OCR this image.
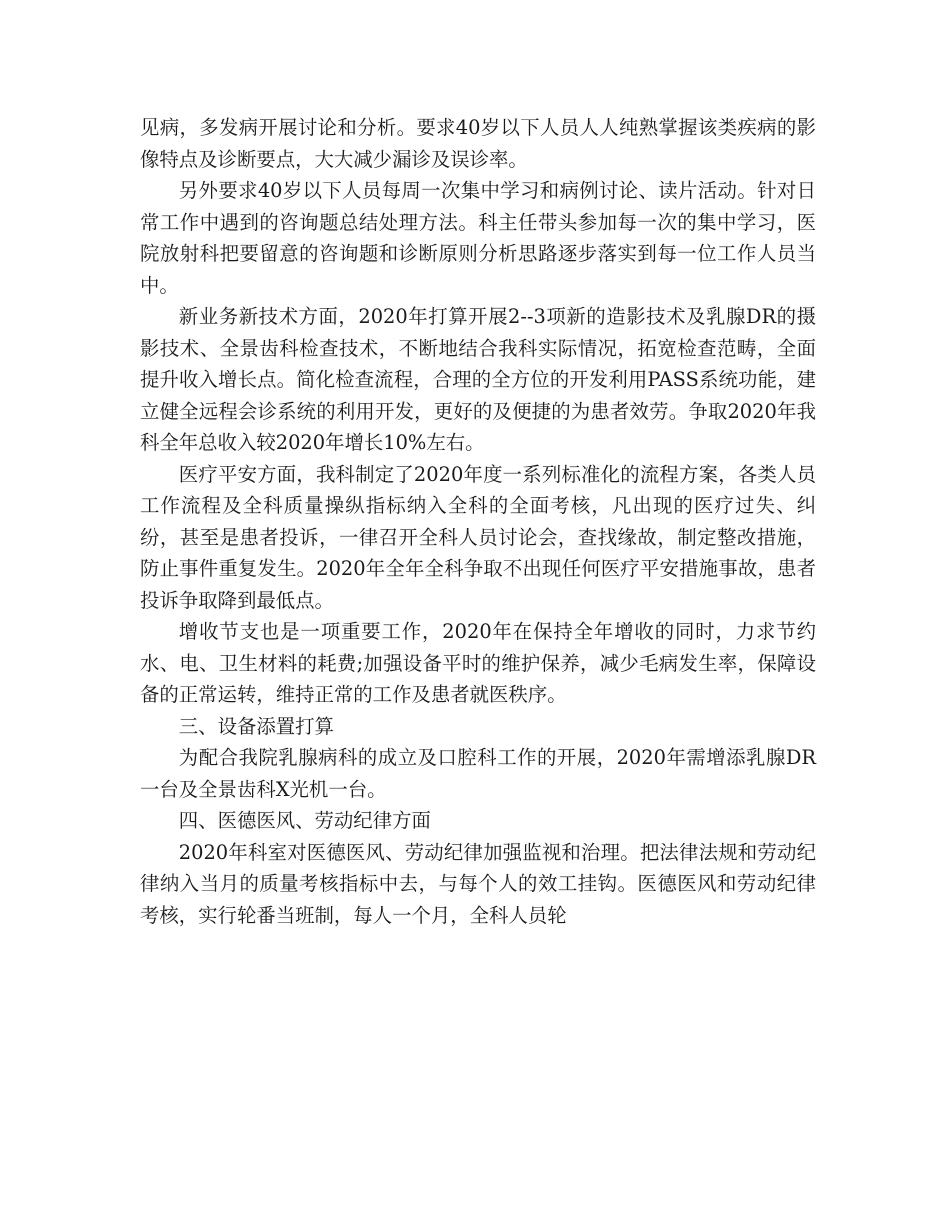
见病，多发病开展讨论和分析。要求40岁以下人员人人纯熟掌握该类疾病的影像特点及诊断要点，大大减少漏诊及误诊率。

另外要求40岁以下人员每周一次集中学习和病例讨论、读片活动。针对日常工作中遇到的咨询题总结处理方法。科主任带头参加每一次的集中学习，医院放射科把要留意的咨询题和诊断原则分析思路逐步落实到每一位工作人员当中。

新业务新技术方面，2020年打算开展2--3项新的造影技术及乳腺DR的摄影技术、全景齿科检查技术，不断地结合我科实际情况，拓宽检查范畴，全面提升收入增长点。简化检查流程，合理的全方位的开发利用PASS系统功能，建立健全远程会诊系统的利用开发，更好的及便捷的为患者效劳。争取2020年我科全年总收入较2020年增长10%左右。

医疗平安方面，我科制定了2020年度一系列标准化的流程方案，各类人员工作流程及全科质量操纵指标纳入全科的全面考核，凡出现的医疗过失、纠纷，甚至是患者投诉，一律召开全科人员讨论会，查找缘故，制定整改措施，防止事件重复发生。2020年全年全科争取不出现任何医疗平安措施事故，患者投诉争取降到最低点。

增收节支也是一项重要工作，2020年在保持全年增收的同时，力求节约水、电、卫生材料的耗费;加强设备平时的维护保养，减少毛病发生率，保障设备的正常运转，维持正常的工作及患者就医秩序。

三、设备添置打算

为配合我院乳腺病科的成立及口腔科工作的开展，2020年需增添乳腺DR一台及全景齿科X光机一台。

四、医德医风、劳动纪律方面

2020年科室对医德医风、劳动纪律加强监视和治理。把法律法规和劳动纪律纳入当月的质量考核指标中去，与每个人的效工挂钩。医德医风和劳动纪律考核，实行轮番当班制，每人一个月，全科人员轮
